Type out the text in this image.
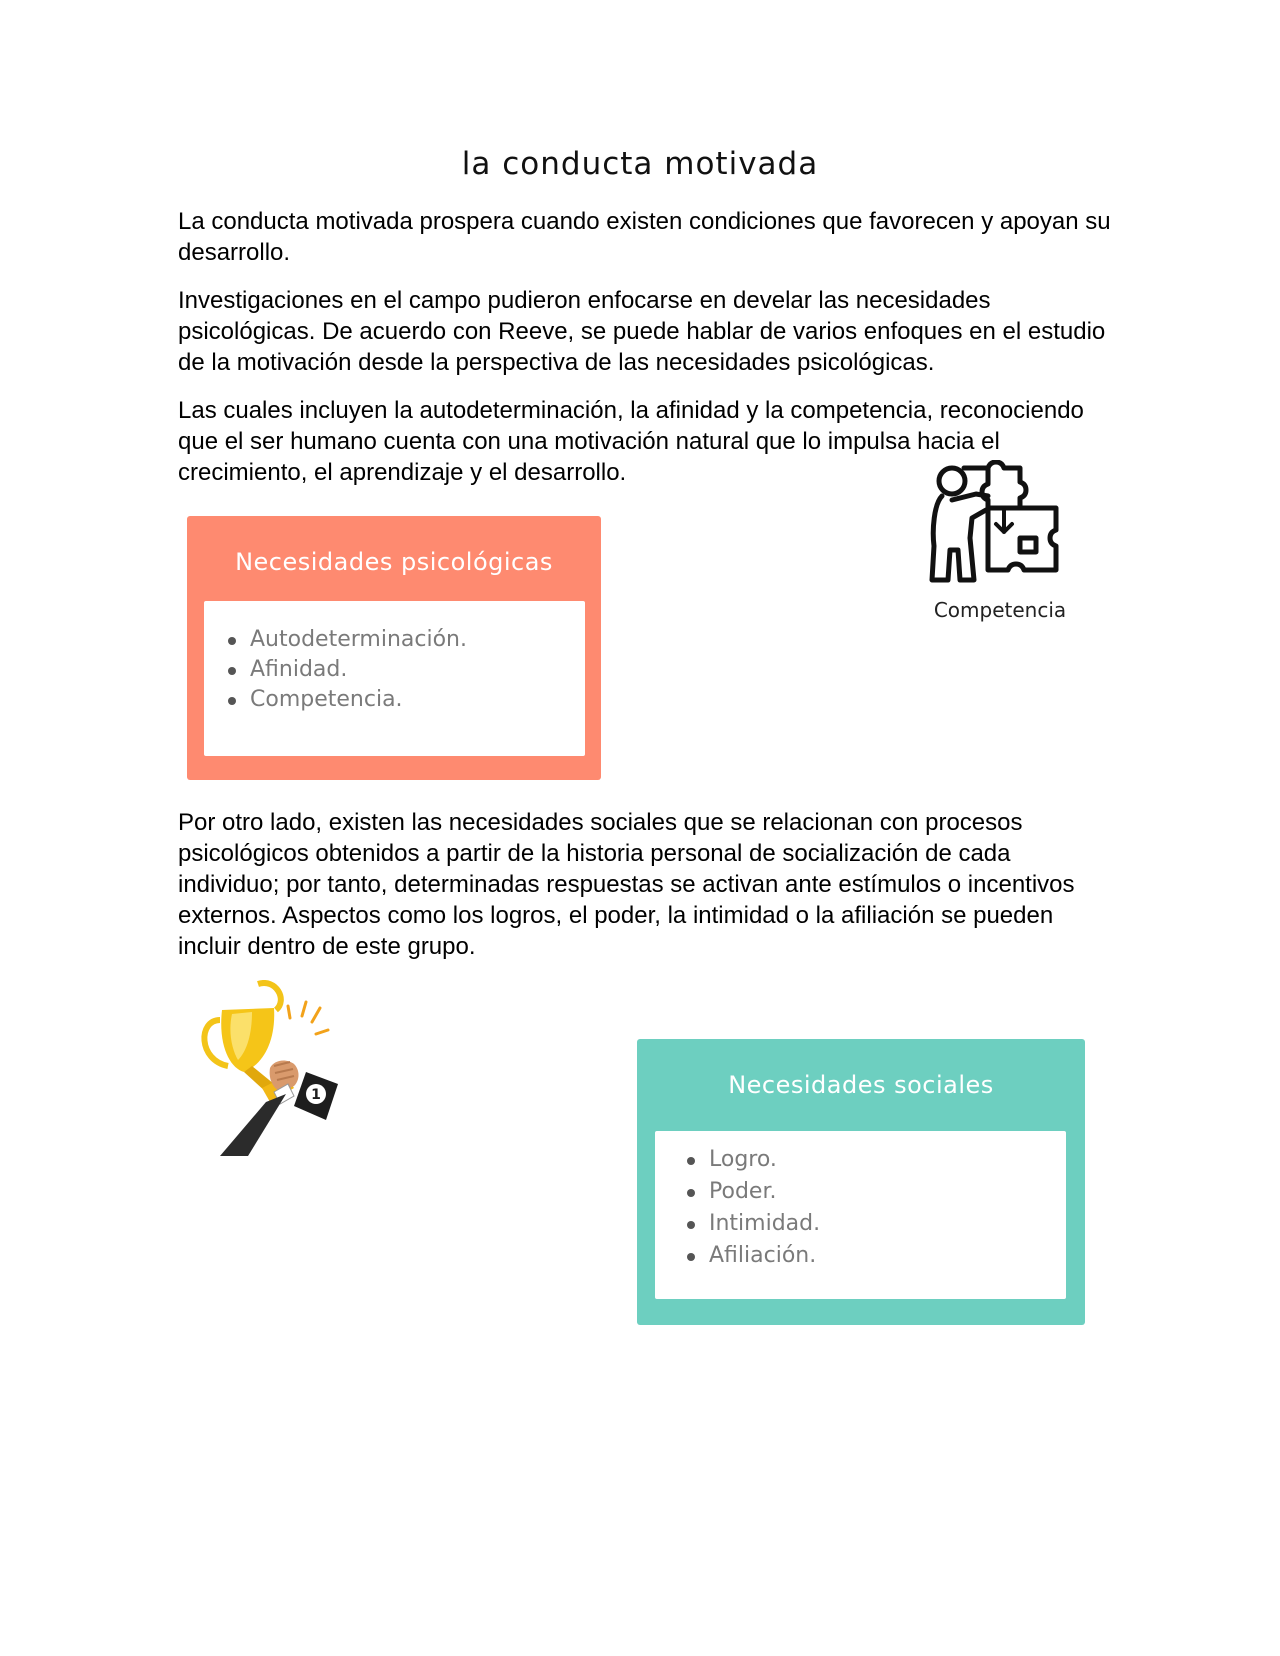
la conducta motivada

La conducta motivada prospera cuando existen condiciones que favorecen y apoyan su desarrollo.

Investigaciones en el campo pudieron enfocarse en develar las necesidades psicológicas. De acuerdo con Reeve, se puede hablar de varios enfoques en el estudio de la motivación desde la perspectiva de las necesidades psicológicas.

Las cuales incluyen la autodeterminación, la afinidad y la competencia, reconociendo que el ser humano cuenta con una motivación natural que lo impulsa hacia el crecimiento, el aprendizaje y el desarrollo.

Competencia
Necesidades psicológicas
Autodeterminación.
Afinidad.
Competencia.

Por otro lado, existen las necesidades sociales que se relacionan con procesos psicológicos obtenidos a partir de la historia personal de socialización de cada individuo; por tanto, determinadas respuestas se activan ante estímulos o incentivos externos. Aspectos como los logros, el poder, la intimidad o la afiliación se pueden incluir dentro de este grupo.

1	Necesidades sociales
Logro.
Poder.
Intimidad.
Afiliación.
